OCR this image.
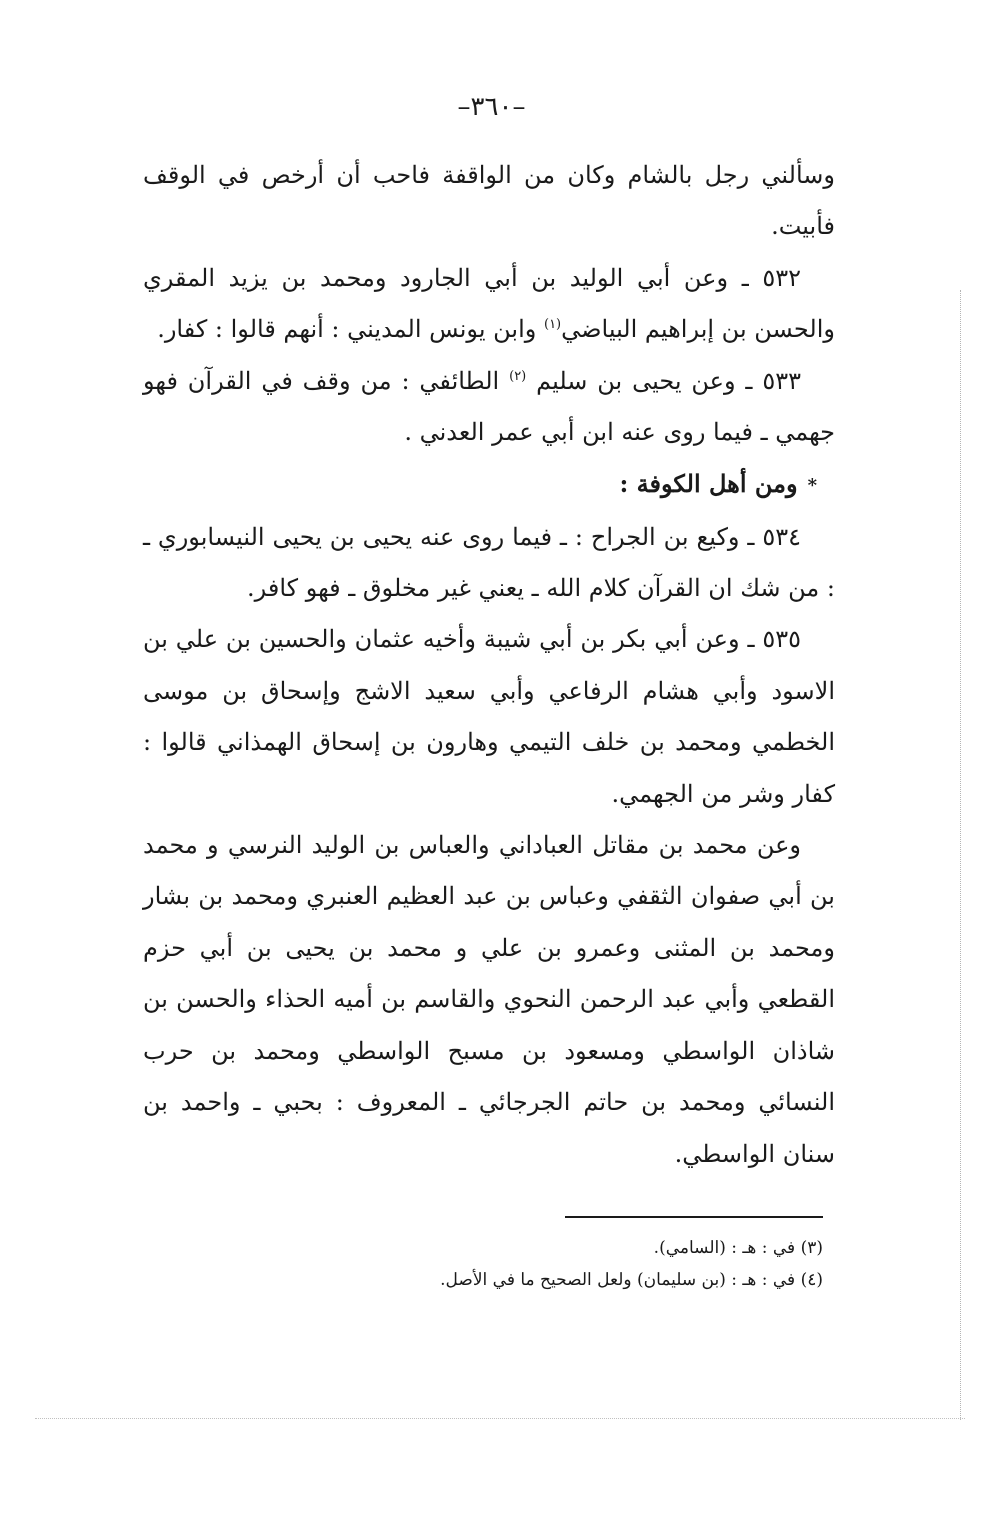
–٣٦٠–

وسألني رجل بالشام وكان من الواقفة فاحب أن أرخص في الوقف فأبيت.

٥٣٢ ـ وعن أبي الوليد بن أبي الجارود ومحمد بن يزيد المقري والحسن بن إبراهيم البياضي$^{(١)}$ وابن يونس المديني : أنهم قالوا : كفار.

٥٣٣ ـ وعن يحيى بن سليم $^{(٢)}$ الطائفي : من وقف في القرآن فهو جهمي ـ فيما روى عنه ابن أبي عمر العدني .

*ومن أهل الكوفة :

٥٣٤ ـ وكيع بن الجراح : ـ فيما روى عنه يحيى بن يحيى النيسابوري ـ : من شك ان القرآن كلام الله ـ يعني غير مخلوق ـ فهو كافر.

٥٣٥ ـ وعن أبي بكر بن أبي شيبة وأخيه عثمان والحسين بن علي بن الاسود وأبي هشام الرفاعي وأبي سعيد الاشج وإسحاق بن موسى الخطمي ومحمد بن خلف التيمي وهارون بن إسحاق الهمذاني قالوا : كفار وشر من الجهمي.

وعن محمد بن مقاتل العباداني والعباس بن الوليد النرسي و محمد بن أبي صفوان الثقفي وعباس بن عبد العظيم العنبري ومحمد بن بشار ومحمد بن المثنى وعمرو بن علي و محمد بن يحيى بن أبي حزم القطعي وأبي عبد الرحمن النحوي والقاسم بن أميه الحذاء والحسن بن شاذان الواسطي ومسعود بن مسبح الواسطي ومحمد بن حرب النسائي ومحمد بن حاتم الجرجائي ـ المعروف : بحبي ـ واحمد بن سنان الواسطي.

(٣) في : هـ : (السامي).

(٤) في : هـ : (بن سليمان) ولعل الصحيح ما في الأصل.
